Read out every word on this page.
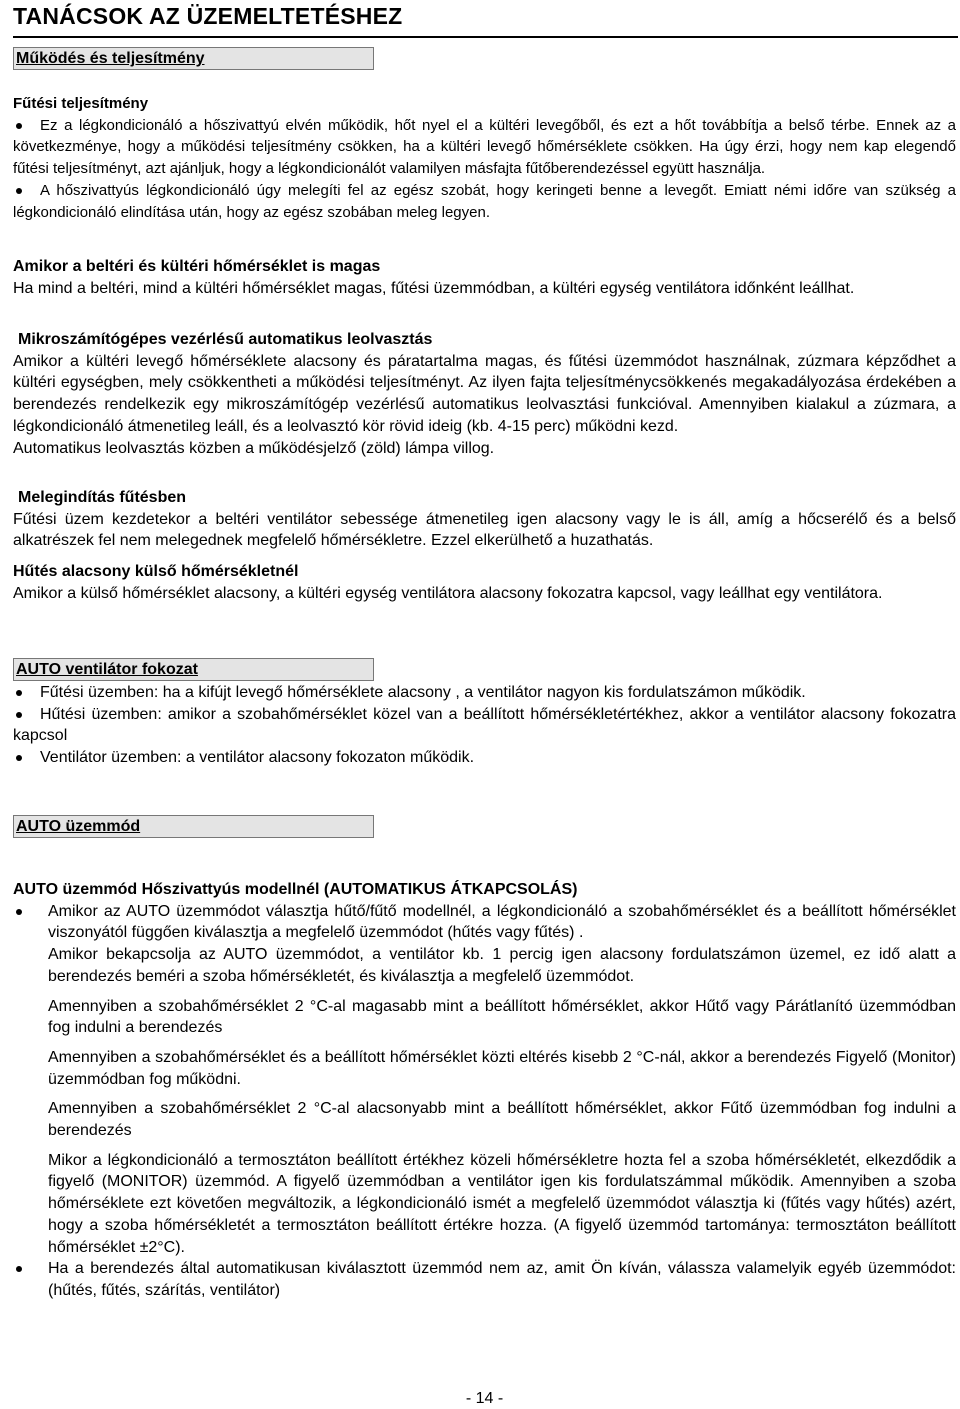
TANÁCSOK AZ ÜZEMELTETÉSHEZ
Működés és teljesítmény
Fűtési teljesítmény
Ez a légkondicionáló a hőszivattyú elvén működik, hőt nyel el a kültéri levegőből, és ezt a hőt továbbítja a belső térbe. Ennek az a következménye, hogy a működési teljesítmény csökken, ha a kültéri levegő hőmérséklete csökken. Ha úgy érzi, hogy nem kap elegendő fűtési teljesítményt, azt ajánljuk, hogy a légkondicionálót valamilyen másfajta fűtőberendezéssel együtt használja.
A hőszivattyús légkondicionáló úgy melegíti fel az egész szobát, hogy keringeti benne a levegőt. Emiatt némi időre van szükség a légkondicionáló elindítása után, hogy az egész szobában meleg legyen.
Amikor a beltéri és kültéri hőmérséklet is magas

Ha mind a beltéri, mind a kültéri hőmérséklet magas, fűtési üzemmódban, a kültéri egység ventilátora időnként leállhat.

Mikroszámítógépes vezérlésű automatikus leolvasztás

Amikor a kültéri levegő hőmérséklete alacsony és páratartalma magas, és fűtési üzemmódot használnak, zúzmara képződhet a kültéri egységben, mely csökkentheti a működési teljesítményt. Az ilyen fajta teljesítménycsökkenés megakadályozása érdekében a berendezés rendelkezik egy mikroszámítógép vezérlésű automatikus leolvasztási funkcióval. Amennyiben kialakul a zúzmara, a légkondicionáló átmenetileg leáll, és a leolvasztó kör rövid ideig (kb. 4-15 perc) működni kezd.

Automatikus leolvasztás közben a működésjelző (zöld) lámpa villog.

Melegindítás fűtésben

Fűtési üzem kezdetekor a beltéri ventilátor sebessége átmenetileg igen alacsony vagy le is áll, amíg a hőcserélő és a belső alkatrészek fel nem melegednek megfelelő hőmérsékletre. Ezzel elkerülhető a huzathatás.

Hűtés alacsony külső hőmérsékletnél

Amikor a külső hőmérséklet alacsony, a kültéri egység ventilátora alacsony fokozatra kapcsol, vagy leállhat egy ventilátora.

AUTO ventilátor fokozat
Fűtési üzemben: ha a kifújt levegő hőmérséklete alacsony , a ventilátor nagyon kis fordulatszámon működik.
Hűtési üzemben: amikor a szobahőmérséklet közel van a beállított hőmérsékletértékhez, akkor a ventilátor alacsony fokozatra kapcsol
Ventilátor üzemben: a ventilátor alacsony fokozaton működik.
AUTO üzemmód
AUTO üzemmód Hőszivattyús modellnél (AUTOMATIKUS ÁTKAPCSOLÁS)
Amikor az AUTO üzemmódot választja hűtő/fűtő modellnél, a légkondicionáló a szobahőmérséklet és a beállított hőmérséklet viszonyától függően kiválasztja a megfelelő üzemmódot (hűtés vagy fűtés) .

Amikor bekapcsolja az AUTO üzemmódot, a ventilátor kb. 1 percig igen alacsony fordulatszámon üzemel, ez idő alatt a berendezés beméri a szoba hőmérsékletét, és kiválasztja a megfelelő üzemmódot.

Amennyiben a szobahőmérséklet 2 °C-al magasabb mint a beállított hőmérséklet, akkor Hűtő vagy Párátlanító üzemmódban fog indulni a berendezés

Amennyiben a szobahőmérséklet és a beállított hőmérséklet közti eltérés kisebb 2 °C-nál, akkor a berendezés Figyelő (Monitor) üzemmódban fog működni.

Amennyiben a szobahőmérséklet 2 °C-al alacsonyabb mint a beállított hőmérséklet, akkor Fűtő üzemmódban fog indulni a berendezés

Mikor a légkondicionáló a termosztáton beállított értékhez közeli hőmérsékletre hozta fel a szoba hőmérsékletét, elkezdődik a figyelő (MONITOR) üzemmód. A figyelő üzemmódban a ventilátor igen kis fordulatszámmal működik. Amennyiben a szoba hőmérséklete ezt követően megváltozik, a légkondicionáló ismét a megfelelő üzemmódot választja ki (fűtés vagy hűtés) azért, hogy a szoba hőmérsékletét a termosztáton beállított értékre hozza. (A figyelő üzemmód tartománya: termosztáton beállított hőmérséklet ±2°C).

Ha a berendezés által automatikusan kiválasztott üzemmód nem az, amit Ön kíván, válassza valamelyik egyéb üzemmódot: (hűtés, fűtés, szárítás, ventilátor)
- 14 -
